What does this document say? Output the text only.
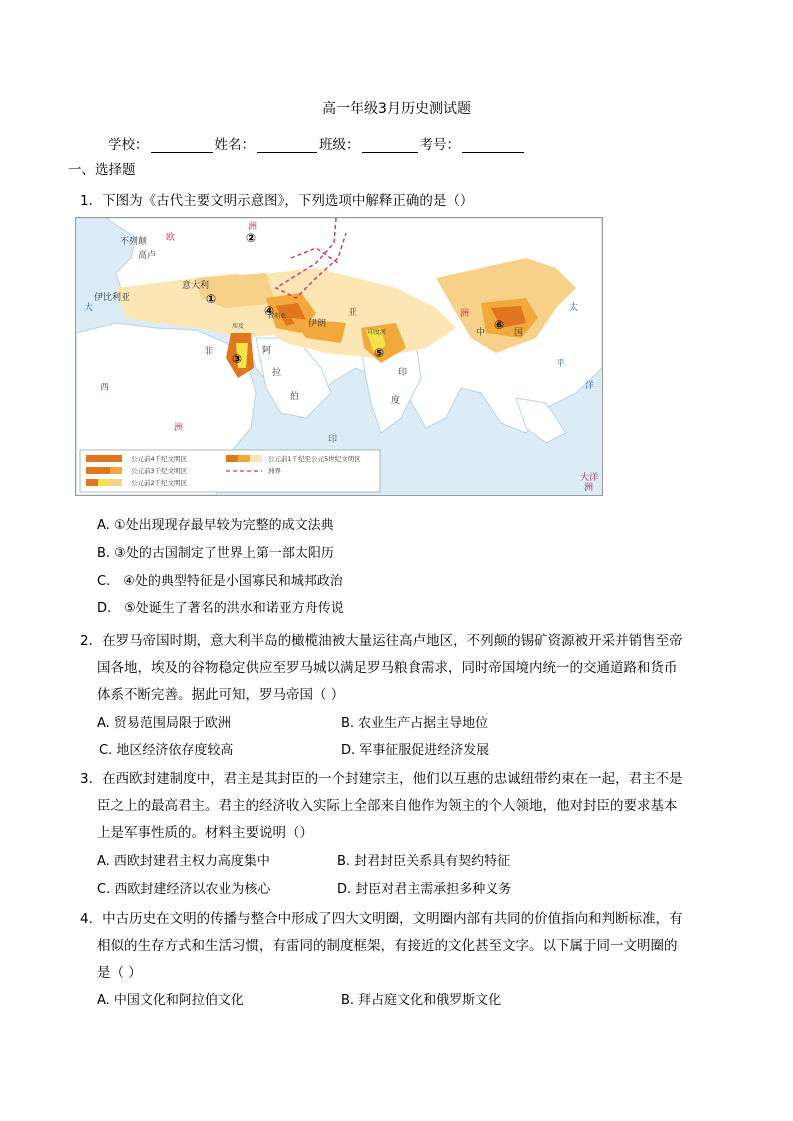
高一年级3月历史测试题
学校：	姓名：	班级：	考号：
一、选择题
1．下图为《古代主要文明示意图》，下列选项中解释正确的是（）
不列颠 欧
高卢
伊比利亚
意大利
伊朗
阿
拉
伯
印
度
中	国
非
洲
洲
洲
亚
大
西
印
太
平
洋
大洋
洲
叙利亚
印度河
埃及
①
②
③
④
⑤
⑥
公元前4千纪文明区
公元前3千纪文明区
公元前2千纪文明区
公元前1千纪至公元5世纪文明区
洲界
A. ①处出现现存最早较为完整的成文法典
B. ③处的古国制定了世界上第一部太阳历
C.　④处的典型特征是小国寡民和城邦政治
D.　⑤处诞生了著名的洪水和诺亚方舟传说
2．在罗马帝国时期，意大利半岛的橄榄油被大量运往高卢地区，不列颠的锡矿资源被开采并销售至帝
国各地，埃及的谷物稳定供应至罗马城以满足罗马粮食需求，同时帝国境内统一的交通道路和货币
体系不断完善。据此可知，罗马帝国（ ）
A. 贸易范围局限于欧洲	B. 农业生产占据主导地位
C. 地区经济依存度较高	D. 军事征服促进经济发展
3．在西欧封建制度中，君主是其封臣的一个封建宗主，他们以互惠的忠诚纽带约束在一起，君主不是
臣之上的最高君主。君主的经济收入实际上全部来自他作为领主的个人领地，他对封臣的要求基本
上是军事性质的。材料主要说明（）
A. 西欧封建君主权力高度集中	B. 封君封臣关系具有契约特征
C. 西欧封建经济以农业为核心	D. 封臣对君主需承担多种义务
4．中古历史在文明的传播与整合中形成了四大文明圈，文明圈内部有共同的价值指向和判断标准，有
相似的生存方式和生活习惯，有雷同的制度框架，有接近的文化甚至文字。以下属于同一文明圈的
是（ ）
A. 中国文化和阿拉伯文化	B. 拜占庭文化和俄罗斯文化
